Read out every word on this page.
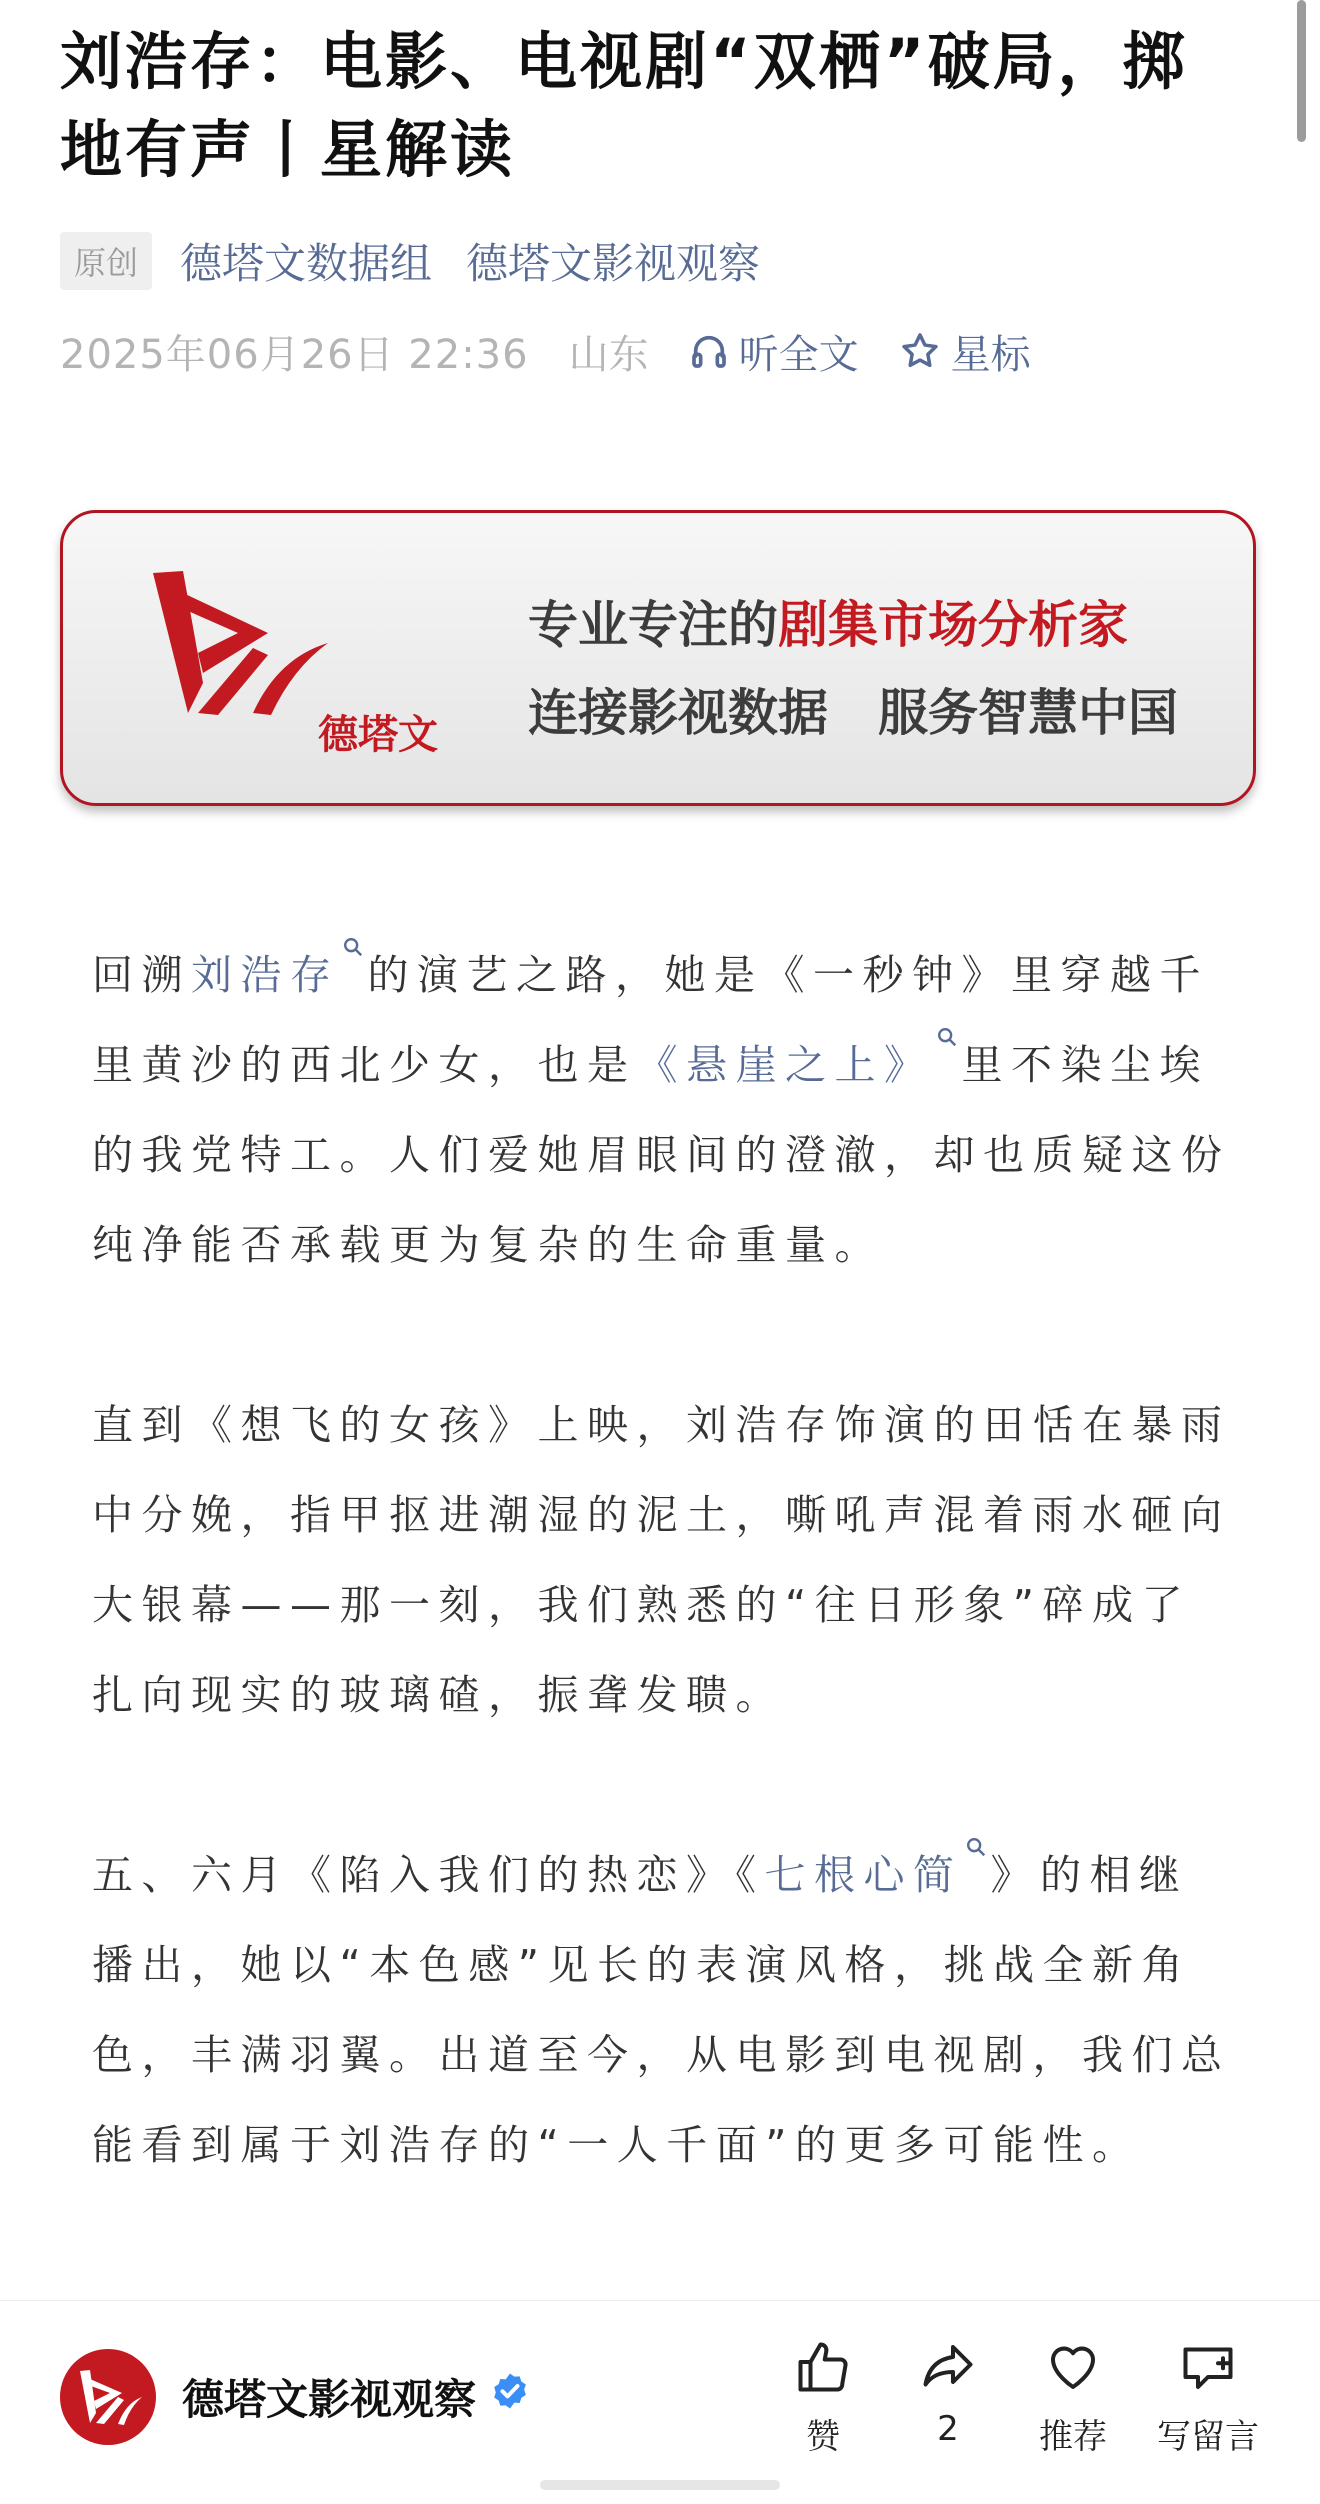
刘浩存：电影、电视剧“双栖”破局，掷地有声丨星解读
原创	德塔文数据组 德塔文影视观察
2025年06月26日 22:36 山东 听全文 星标
德塔文
专业专注的剧集市场分析家
连接影视数据　服务智慧中国

回溯刘浩存 的演艺之路，她是《一秒钟》里穿越千里黄沙的西北少女，也是《悬崖之上》 里不染尘埃的我党特工。人们爱她眉眼间的澄澈，却也质疑这份纯净能否承载更为复杂的生命重量。

直到《想飞的女孩》上映，刘浩存饰演的田恬在暴雨中分娩，指甲抠进潮湿的泥土，嘶吼声混着雨水砸向大银幕——那一刻，我们熟悉的“往日形象”碎成了扎向现实的玻璃碴，振聋发聩。

五、六月《陷入我们的热恋》《七根心简 》的相继播出，她以“本色感”见长的表演风格，挑战全新角色，丰满羽翼。出道至今，从电影到电视剧，我们总能看到属于刘浩存的“一人千面”的更多可能性。

德塔文影视观察
赞	2	推荐	写留言
